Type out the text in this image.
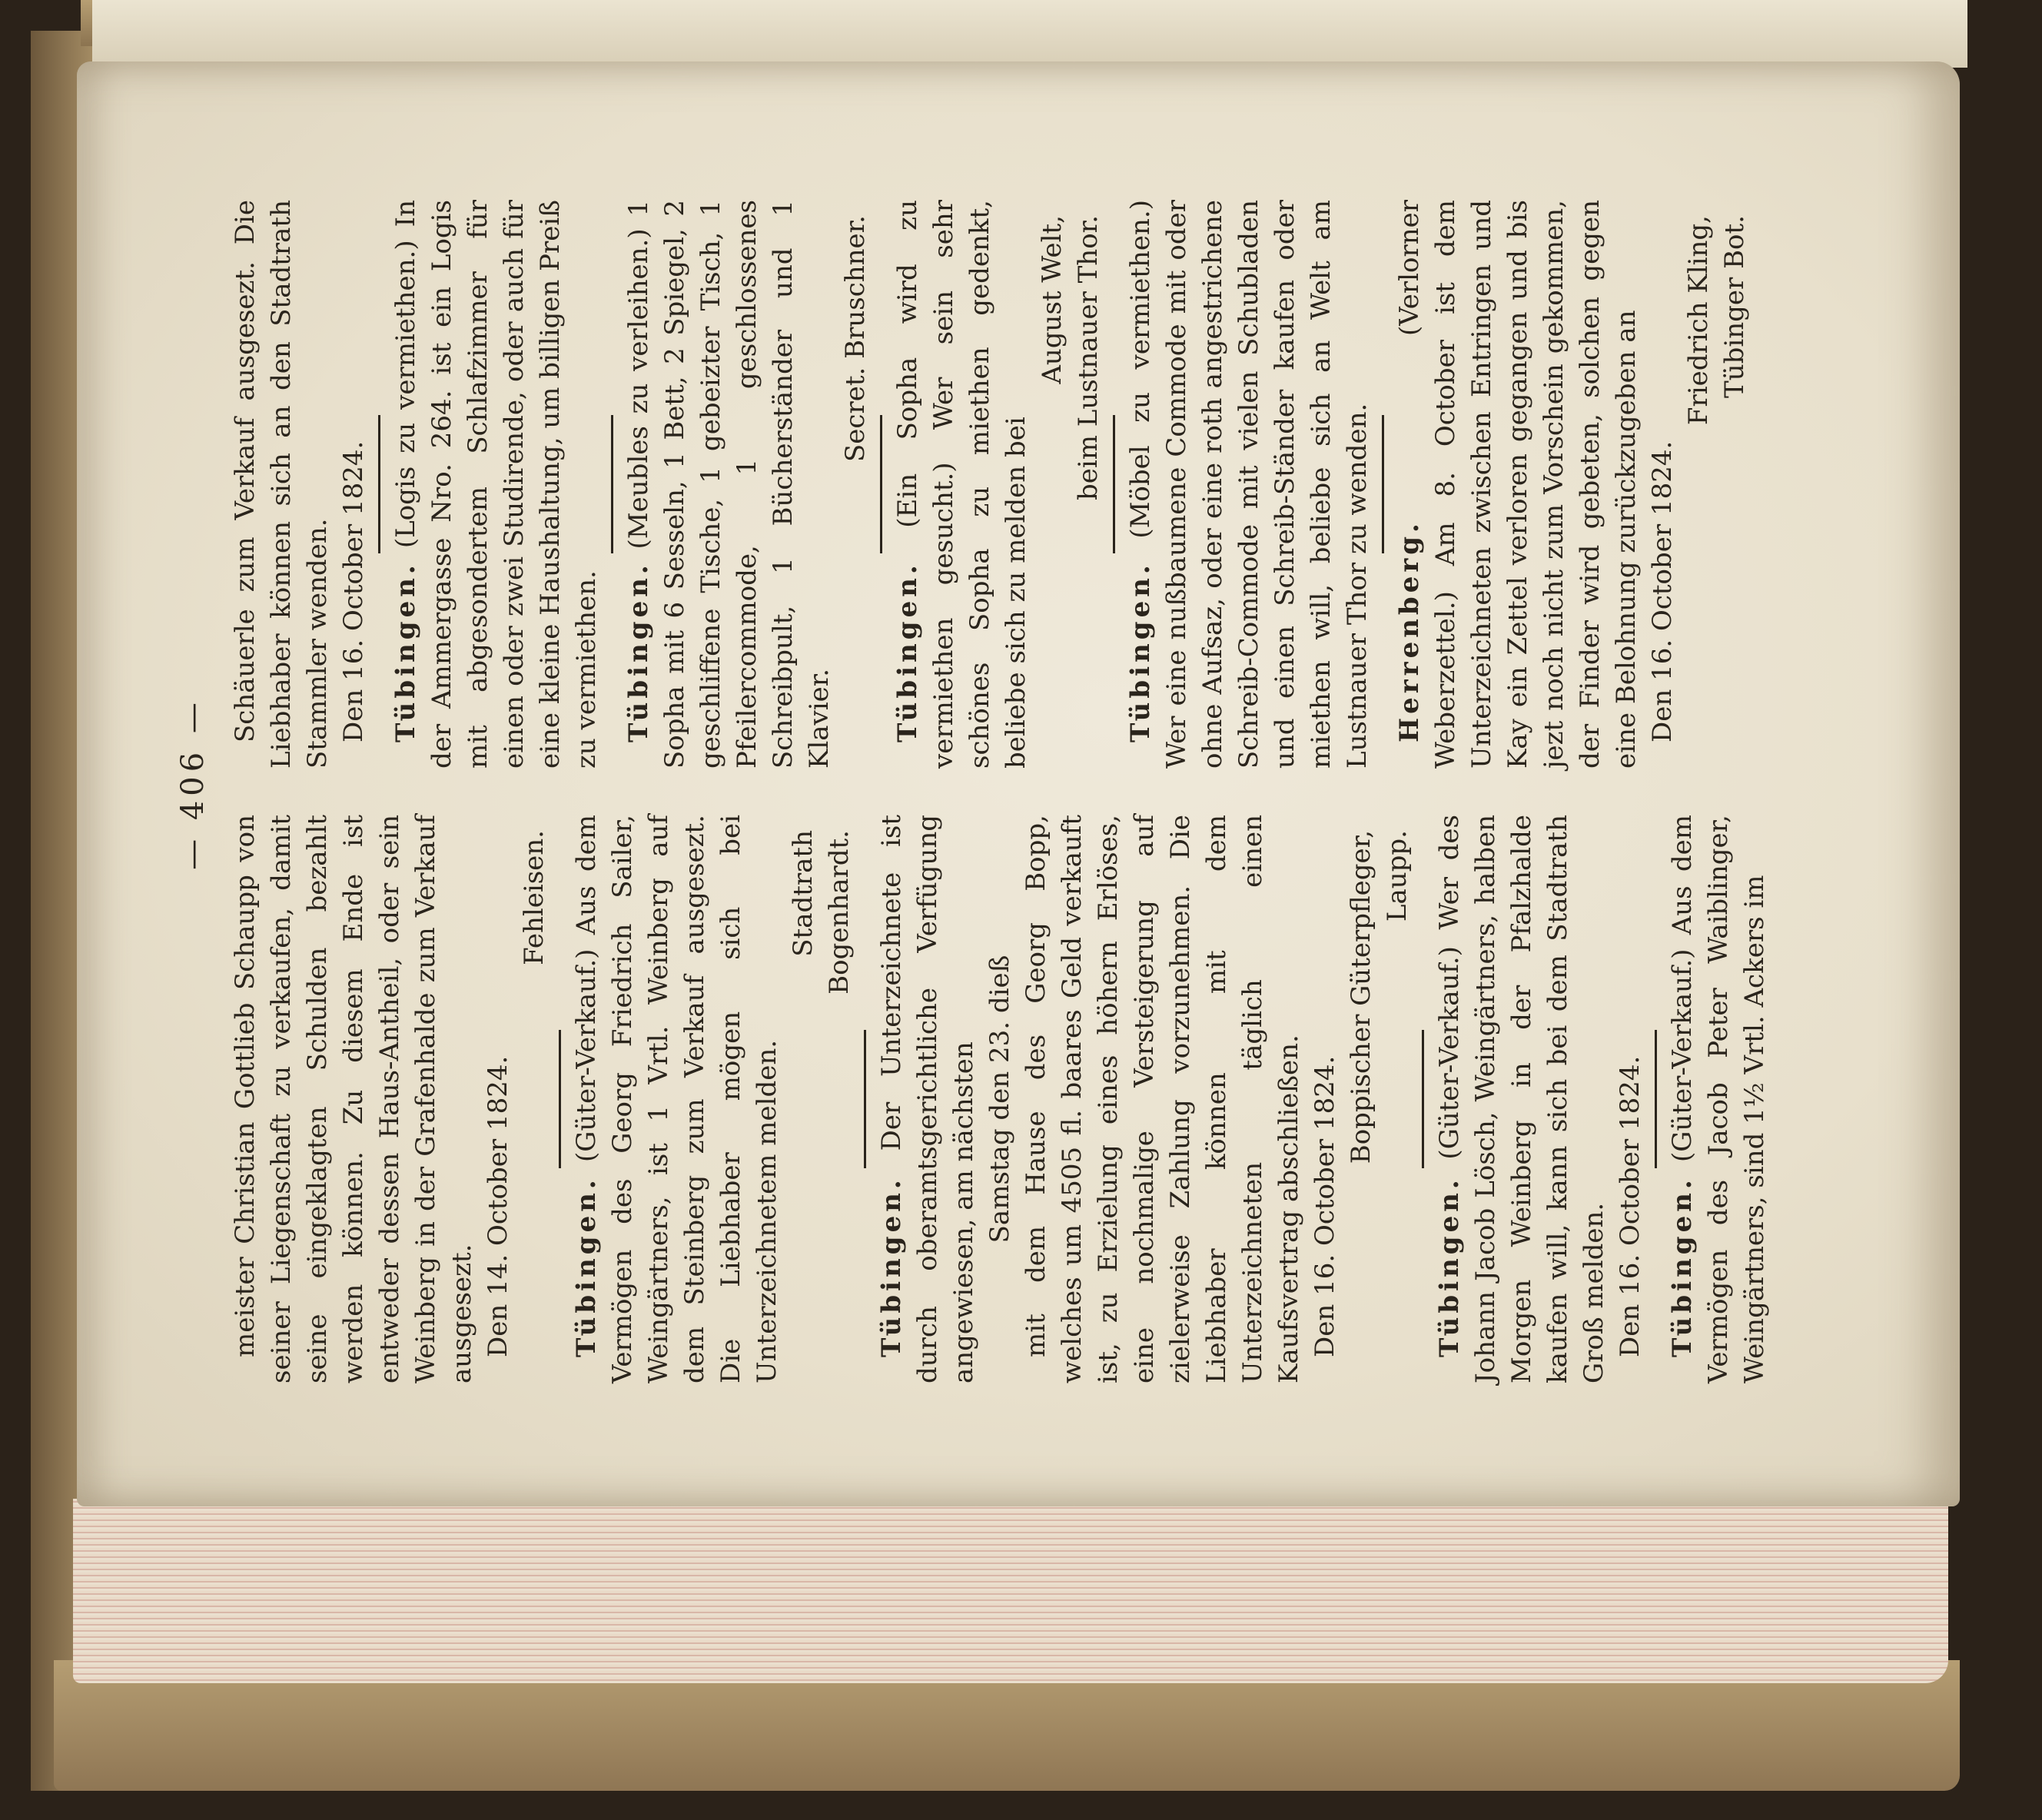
— 406 —

meister Christian Gottlieb Schaupp von seiner Liegenschaft zu verkaufen, damit seine eingeklagten Schulden bezahlt werden können. Zu diesem Ende ist entweder dessen Haus-Antheil, oder sein Weinberg in der Grafenhalde zum Verkauf ausgesezt. Den 14. October 1824.

Fehleisen.

Tübingen. (Güter-Verkauf.) Aus dem Vermögen des Georg Friedrich Sailer, Weingärtners, ist 1 Vrtl. Weinberg auf dem Steinberg zum Verkauf ausgesezt. Die Liebhaber mögen sich bei Unterzeichnetem melden.

Stadtrath Bogenhardt.

Tübingen. Der Unterzeichnete ist durch oberamtsgerichtliche Verfügung angewiesen, am nächsten Samstag den 23. dieß mit dem Hause des Georg Bopp, welches um 4505 fl. baares Geld verkauft ist, zu Erzielung eines höhern Erlöses, eine nochmalige Versteigerung auf zielerweise Zahlung vorzunehmen. Die Liebhaber können mit dem Unterzeichneten täglich einen Kaufsvertrag abschließen. Den 16. October 1824.

Boppischer Güterpfleger, Laupp.

Tübingen. (Güter-Verkauf.) Wer des Johann Jacob Lösch, Weingärtners, halben Morgen Weinberg in der Pfalzhalde kaufen will, kann sich bei dem Stadtrath Groß melden. Den 16. October 1824. Tübingen. (Güter-Verkauf.) Aus dem Vermögen des Jacob Peter Waiblinger, Weingärtners, sind 1½ Vrtl. Ackers im

Schäuerle zum Verkauf ausgesezt. Die Liebhaber können sich an den Stadtrath Stammler wenden. Den 16. October 1824. Tübingen. (Logis zu vermiethen.) In der Ammergasse Nro. 264. ist ein Logis mit abgesondertem Schlafzimmer für einen oder zwei Studirende, oder auch für eine kleine Haushaltung, um billigen Preiß zu vermiethen. Tübingen. (Meubles zu verleihen.) 1 Sopha mit 6 Sesseln, 1 Bett, 2 Spiegel, 2 geschliffene Tische, 1 gebeizter Tisch, 1 Pfeilercommode, 1 geschlossenes Schreibpult, 1 Bücherständer und 1 Klavier.

Secret. Bruschner.

Tübingen. (Ein Sopha wird zu vermiethen gesucht.) Wer sein sehr schönes Sopha zu miethen gedenkt, beliebe sich zu melden bei

August Welt, beim Lustnauer Thor.

Tübingen. (Möbel zu vermiethen.) Wer eine nußbaumene Commode mit oder ohne Aufsaz, oder eine roth angestrichene Schreib-Commode mit vielen Schubladen und einen Schreib-Ständer kaufen oder miethen will, beliebe sich an Welt am Lustnauer Thor zu wenden. Herrenberg. (Verlorner Weberzettel.) Am 8. October ist dem Unterzeichneten zwischen Entringen und Kay ein Zettel verloren gegangen und bis jezt noch nicht zum Vorschein gekommen, der Finder wird gebeten, solchen gegen eine Belohnung zurückzugeben an Den 16. October 1824.

Friedrich Kling, Tübinger Bot.
